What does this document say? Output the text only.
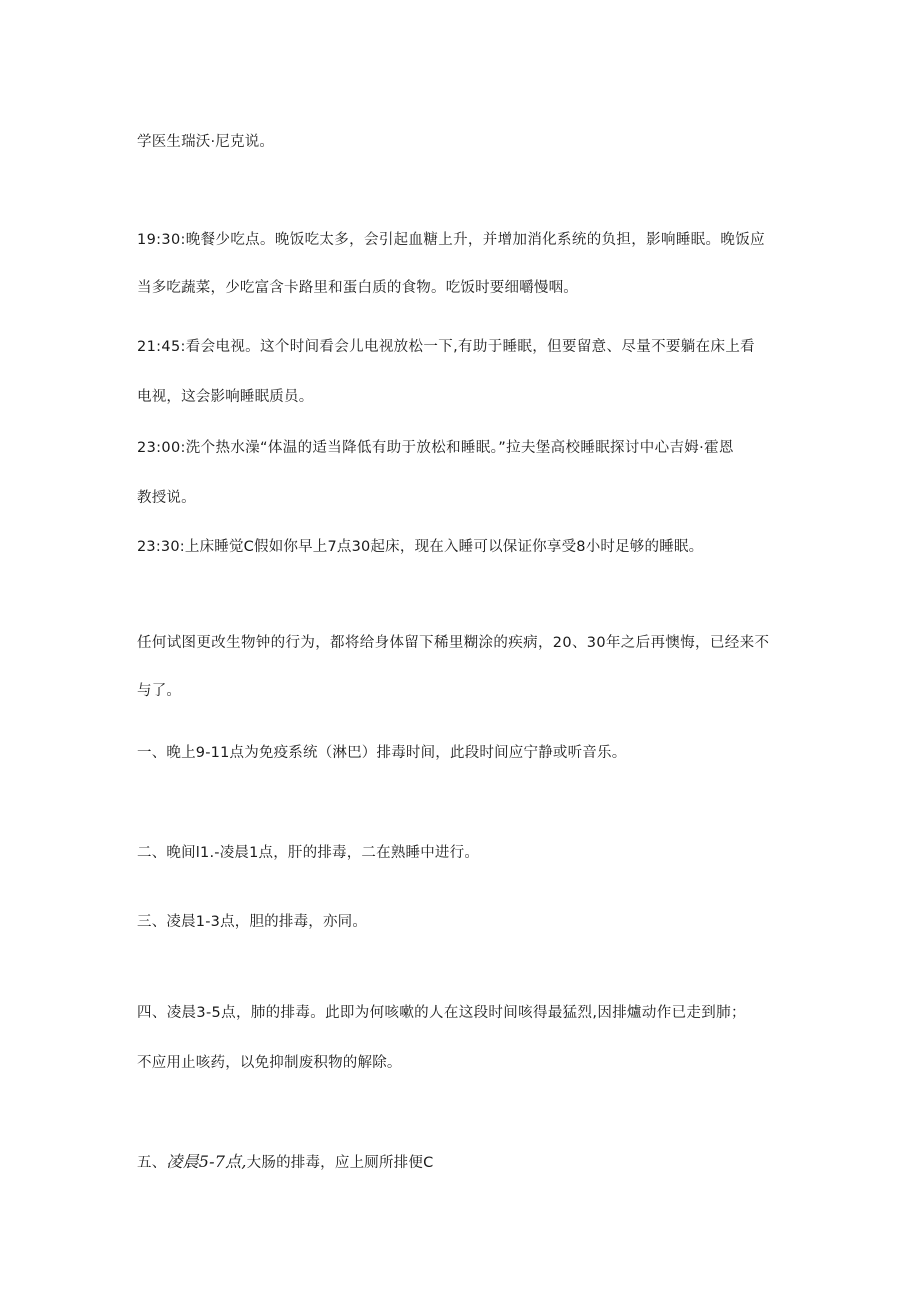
学医生瑞沃·尼克说。
19:30:晚餐少吃点。晚饭吃太多，会引起血糖上升，并增加消化系统的负担，影响睡眠。晚饭应
当多吃蔬菜，少吃富含卡路里和蛋白质的食物。吃饭时要细嚼慢咽。
21:45:看会电视。这个时间看会儿电视放松一下,有助于睡眠，但要留意、尽量不要躺在床上看
电视，这会影响睡眠质员。
23:00:洗个热水澡“体温的适当降低有助于放松和睡眠。”拉夫堡高校睡眠探讨中心吉姆·霍恩
教授说。
23:30:上床睡觉C假如你早上7点30起床，现在入睡可以保证你享受8小时足够的睡眠。
任何试图更改生物钟的行为，都将给身体留下稀里糊涂的疾病，20、30年之后再懊悔，已经来不
与了。
一、晚上9-11点为免疫系统（淋巴）排毒时间，此段时间应宁静或听音乐。
二、晚间l1.-凌晨1点，肝的排毒，二在熟睡中进行。
三、凌晨1-3点，胆的排毒，亦同。
四、凌晨3-5点，肺的排毒。此即为何咳嗽的人在这段时间咳得最猛烈,因排爐动作已走到肺；
不应用止咳药，以免抑制废积物的解除。
五、凌晨5-7点,大肠的排毒，应上厕所排便C
